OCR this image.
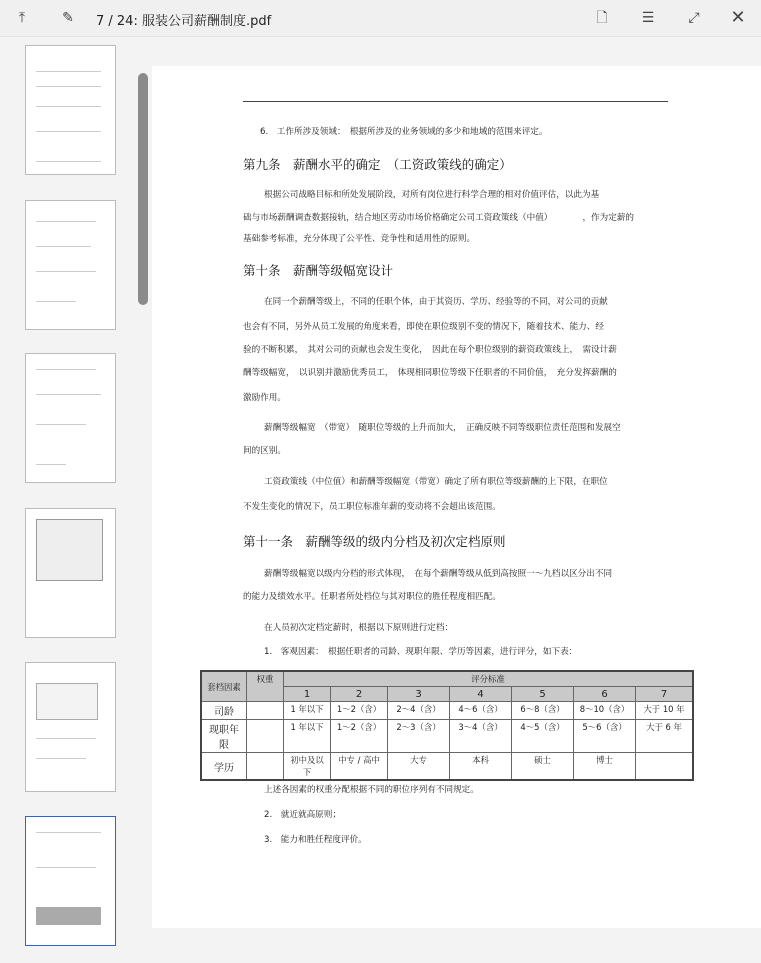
⤒	✎	7 / 24: 服装公司薪酬制度.pdf	🗋	☰	⤢ ✕
6.　工作所涉及领域：　根据所涉及的业务领域的多少和地域的范围来评定。
第九条　薪酬水平的确定　（工资政策线的确定）
根据公司战略目标和所处发展阶段，对所有岗位进行科学合理的相对价值评估，以此为基
础与市场薪酬调查数据接轨，结合地区劳动市场价格确定公司工资政策线（中值）　　　　，作为定薪的
基础参考标准，充分体现了公平性、竞争性和适用性的原则。
第十条　薪酬等级幅宽设计
在同一个薪酬等级上，不同的任职个体，由于其资历、学历、经验等的不同，对公司的贡献
也会有不同，另外从员工发展的角度来看，即使在职位级别不变的情况下，随着技术、能力、经
验的不断积累，　其对公司的贡献也会发生变化，　因此在每个职位级别的薪资政策线上，　需设计薪
酬等级幅宽，　以识别并激励优秀员工，　体现相同职位等级下任职者的不同价值，　充分发挥薪酬的
激励作用。
薪酬等级幅宽　（带宽）　随职位等级的上升而加大，　正确反映不同等级职位责任范围和发展空
间的区别。
工资政策线（中位值）和薪酬等级幅宽（带宽）确定了所有职位等级薪酬的上下限，在职位
不发生变化的情况下，员工职位标准年薪的变动将不会超出该范围。
第十一条　薪酬等级的级内分档及初次定档原则
薪酬等级幅宽以级内分档的形式体现，　在每个薪酬等级从低到高按照一～九档以区分出不同
的能力及绩效水平。任职者所处档位与其对职位的胜任程度相匹配。
在人员初次定档定薪时，根据以下原则进行定档：
1.　客观因素：　根据任职者的司龄、现职年限、学历等因素，进行评分，如下表：
套档因素	权重	评分标准						
		1	2	3	4	5	6	7
司龄		1 年以下	1～2（含）	2～4（含）	4～6（含）	6～8（含）	8～10（含）	大于 10 年
现职年限		1 年以下	1～2（含）	2～3（含）	3～4（含）	4～5（含）	5～6（含）	大于 6 年
学历		初中及以下	中专 / 高中	大专	本科	硕士	博士	
上述各因素的权重分配根据不同的职位序列有不同规定。
2.　就近就高原则；
3.　能力和胜任程度评价。
